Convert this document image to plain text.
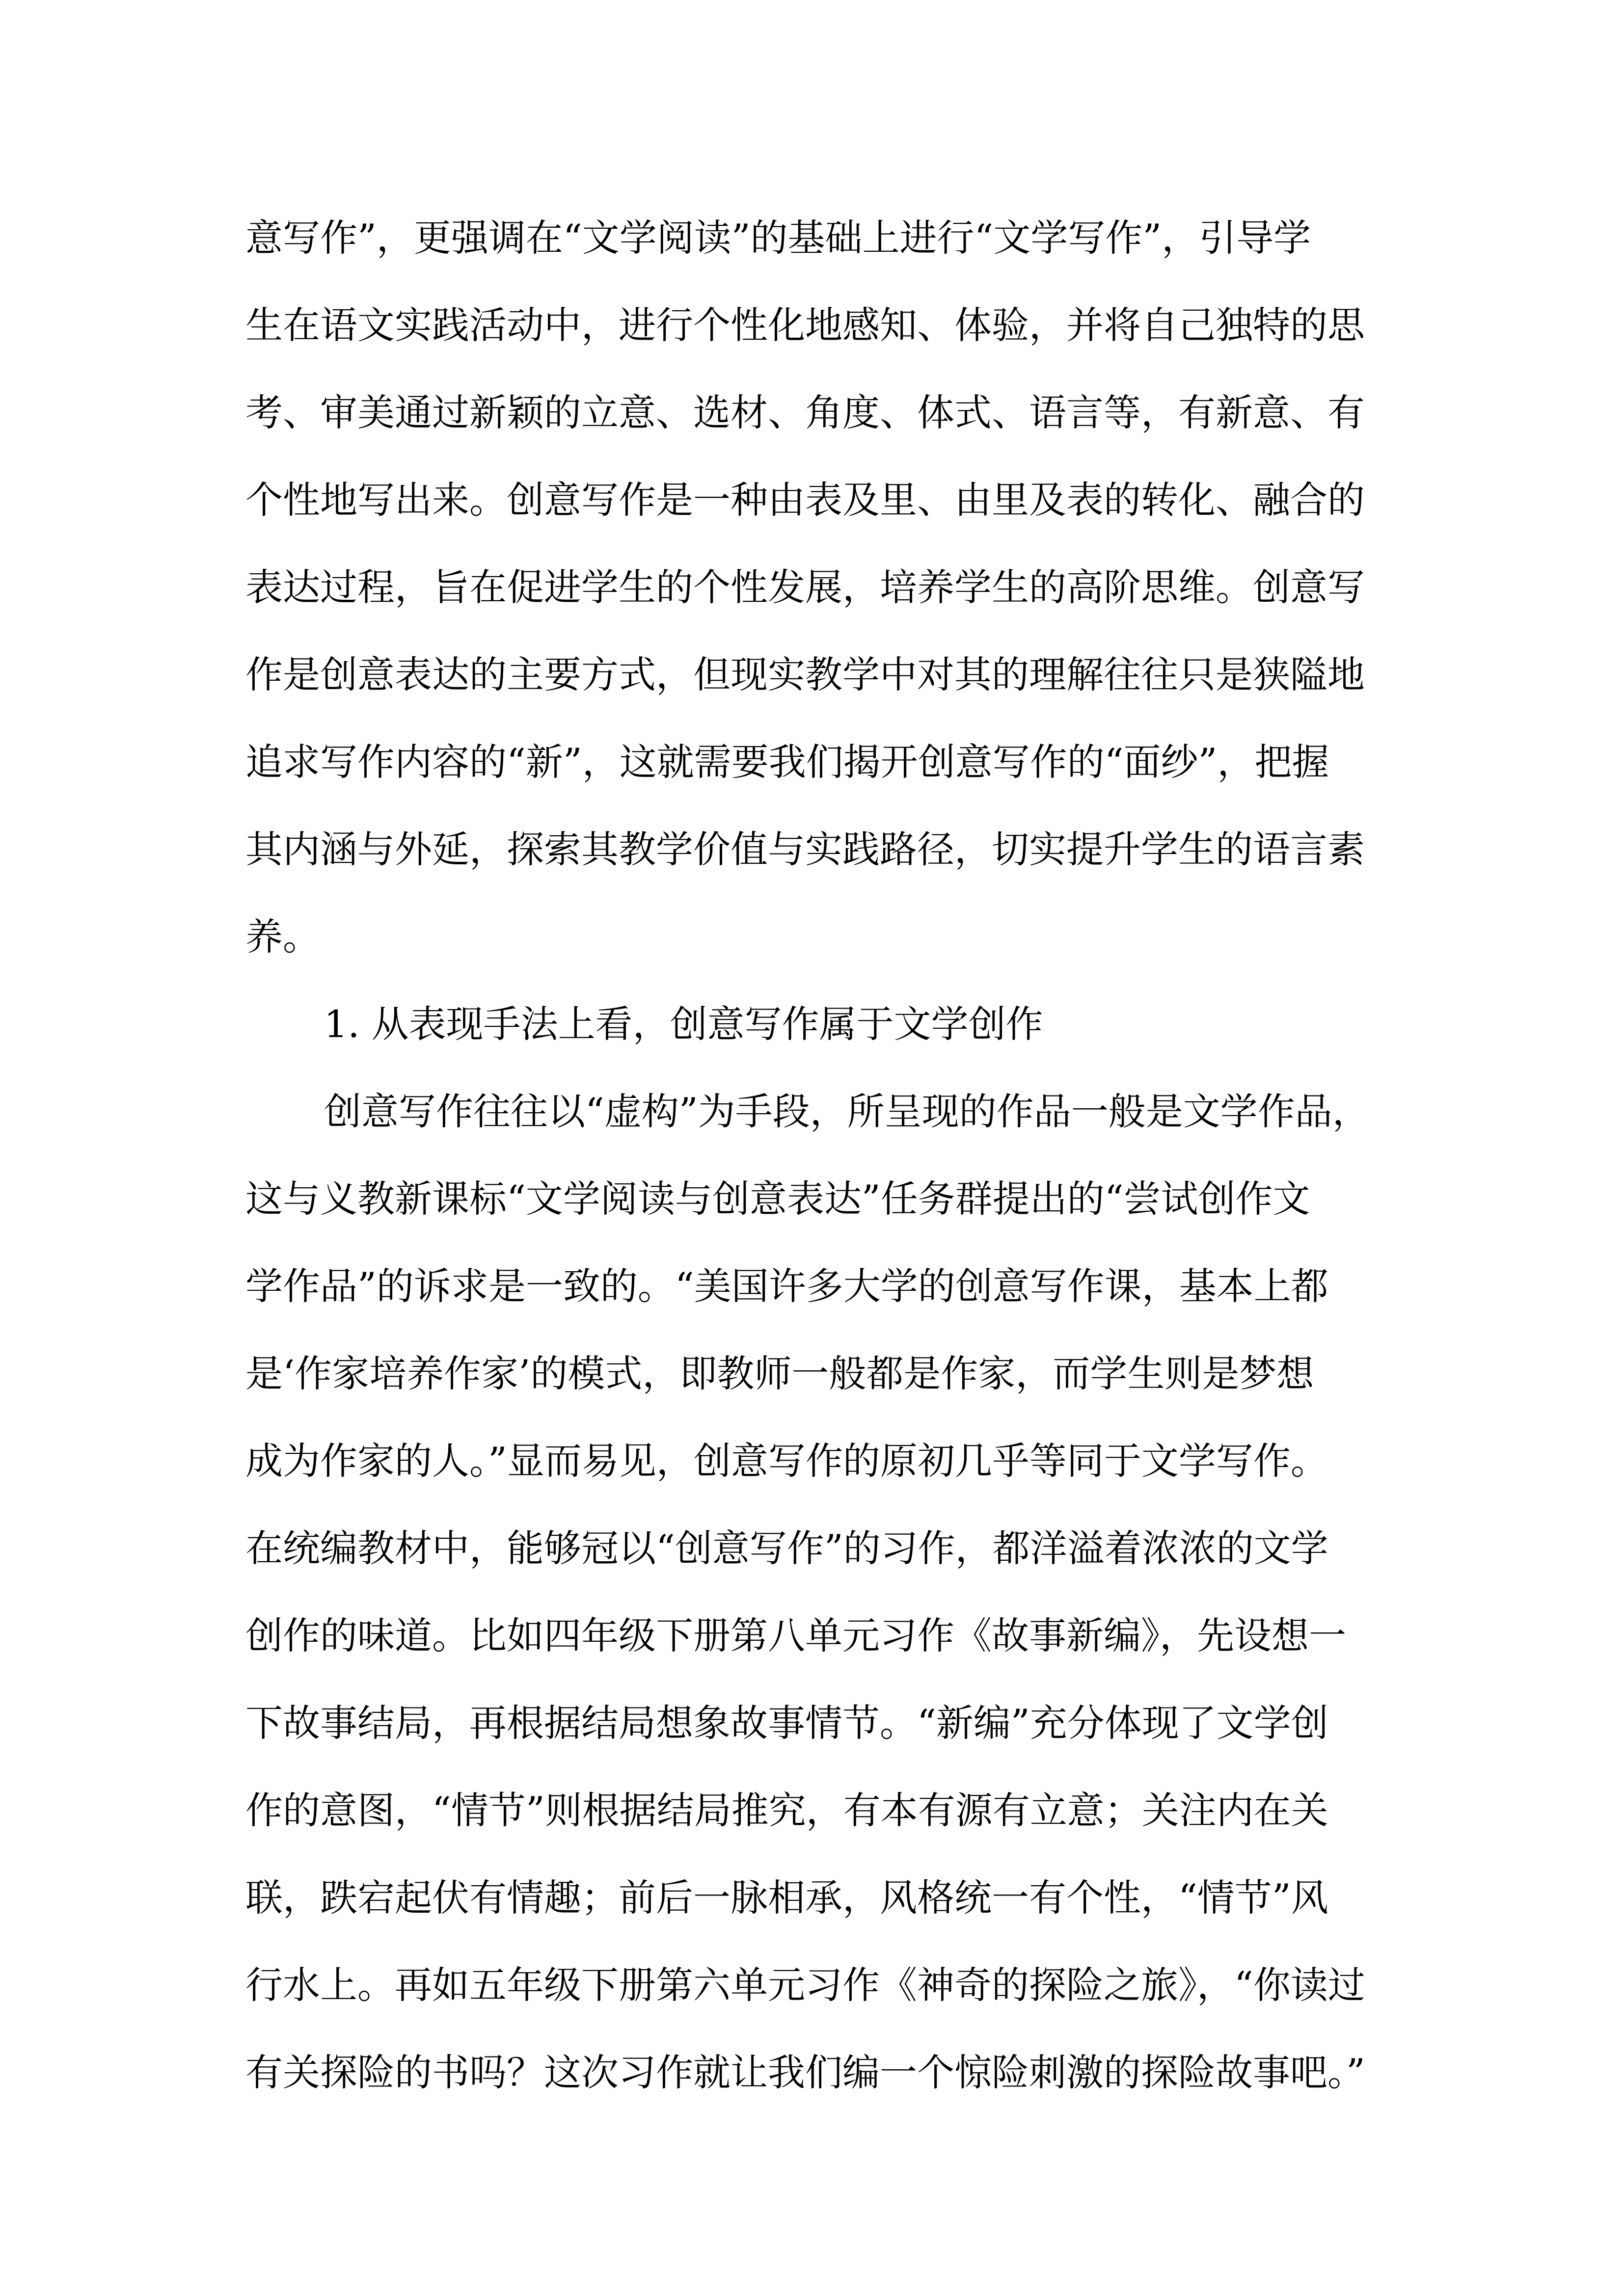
意写作”，更强调在“文学阅读”的基础上进行“文学写作”，引导学
生在语文实践活动中，进行个性化地感知、体验，并将自己独特的思
考、审美通过新颖的立意、选材、角度、体式、语言等，有新意、有
个性地写出来。创意写作是一种由表及里、由里及表的转化、融合的
表达过程，旨在促进学生的个性发展，培养学生的高阶思维。创意写
作是创意表达的主要方式，但现实教学中对其的理解往往只是狭隘地
追求写作内容的“新”，这就需要我们揭开创意写作的“面纱”，把握
其内涵与外延，探索其教学价值与实践路径，切实提升学生的语言素
养。
1. 从表现手法上看，创意写作属于文学创作
创意写作往往以“虚构”为手段，所呈现的作品一般是文学作品，
这与义教新课标“文学阅读与创意表达”任务群提出的“尝试创作文
学作品”的诉求是一致的。“美国许多大学的创意写作课，基本上都
是‘作家培养作家’的模式，即教师一般都是作家，而学生则是梦想
成为作家的人。”显而易见，创意写作的原初几乎等同于文学写作。
在统编教材中，能够冠以“创意写作”的习作，都洋溢着浓浓的文学
创作的味道。比如四年级下册第八单元习作《故事新编》，先设想一
下故事结局，再根据结局想象故事情节。“新编”充分体现了文学创
作的意图，“情节”则根据结局推究，有本有源有立意；关注内在关
联，跌宕起伏有情趣；前后一脉相承，风格统一有个性，“情节”风
行水上。再如五年级下册第六单元习作《神奇的探险之旅》，“你读过
有关探险的书吗？这次习作就让我们编一个惊险刺激的探险故事吧。”
